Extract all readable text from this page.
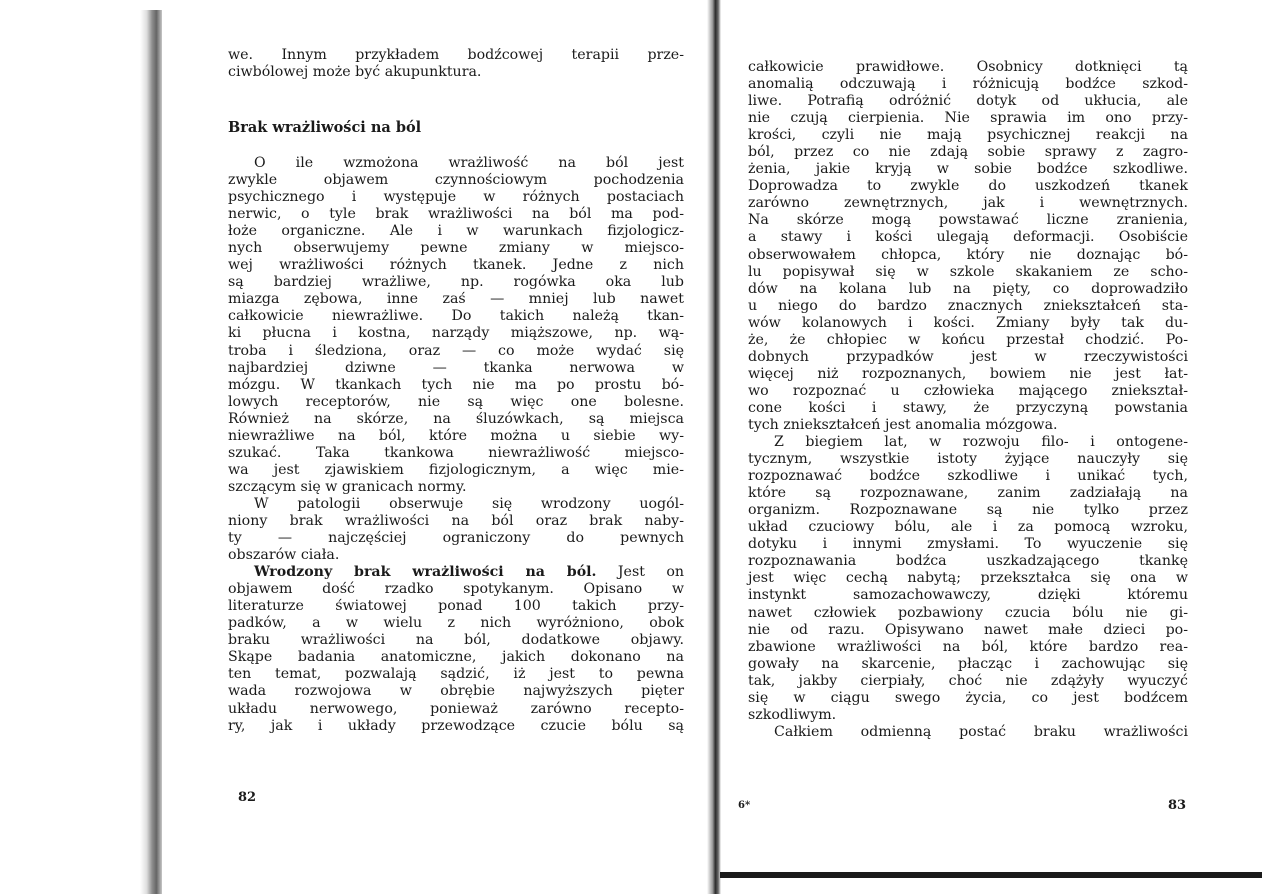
we. Innym przykładem bodźcowej terapii prze-
ciwbólowej może być akupunktura.
Brak wrażliwości na ból
O ile wzmożona wrażliwość na ból jest
zwykle objawem czynnościowym pochodzenia
psychicznego i występuje w różnych postaciach
nerwic, o tyle brak wrażliwości na ból ma pod-
łoże organiczne. Ale i w warunkach fizjologicz-
nych obserwujemy pewne zmiany w miejsco-
wej wrażliwości różnych tkanek. Jedne z nich
są bardziej wrażliwe, np. rogówka oka lub
miazga zębowa, inne zaś — mniej lub nawet
całkowicie niewrażliwe. Do takich należą tkan-
ki płucna i kostna, narządy miąższowe, np. wą-
troba i śledziona, oraz — co może wydać się
najbardziej dziwne — tkanka nerwowa w
mózgu. W tkankach tych nie ma po prostu bó-
lowych receptorów, nie są więc one bolesne.
Również na skórze, na śluzówkach, są miejsca
niewrażliwe na ból, które można u siebie wy-
szukać. Taka tkankowa niewrażliwość miejsco-
wa jest zjawiskiem fizjologicznym, a więc mie-
szczącym się w granicach normy.
W patologii obserwuje się wrodzony uogól-
niony brak wrażliwości na ból oraz brak naby-
ty — najczęściej ograniczony do pewnych
obszarów ciała.
Wrodzony brak wrażliwości na ból. Jest on
objawem dość rzadko spotykanym. Opisano w
literaturze światowej ponad 100 takich przy-
padków, a w wielu z nich wyróżniono, obok
braku wrażliwości na ból, dodatkowe objawy.
Skąpe badania anatomiczne, jakich dokonano na
ten temat, pozwalają sądzić, iż jest to pewna
wada rozwojowa w obrębie najwyższych pięter
układu nerwowego, ponieważ zarówno recepto-
ry, jak i układy przewodzące czucie bólu są
82
całkowicie prawidłowe. Osobnicy dotknięci tą
anomalią odczuwają i różnicują bodźce szkod-
liwe. Potrafią odróżnić dotyk od ukłucia, ale
nie czują cierpienia. Nie sprawia im ono przy-
krości, czyli nie mają psychicznej reakcji na
ból, przez co nie zdają sobie sprawy z zagro-
żenia, jakie kryją w sobie bodźce szkodliwe.
Doprowadza to zwykle do uszkodzeń tkanek
zarówno zewnętrznych, jak i wewnętrznych.
Na skórze mogą powstawać liczne zranienia,
a stawy i kości ulegają deformacji. Osobiście
obserwowałem chłopca, który nie doznając bó-
lu popisywał się w szkole skakaniem ze scho-
dów na kolana lub na pięty, co doprowadziło
u niego do bardzo znacznych zniekształceń sta-
wów kolanowych i kości. Zmiany były tak du-
że, że chłopiec w końcu przestał chodzić. Po-
dobnych przypadków jest w rzeczywistości
więcej niż rozpoznanych, bowiem nie jest łat-
wo rozpoznać u człowieka mającego zniekształ-
cone kości i stawy, że przyczyną powstania
tych zniekształceń jest anomalia mózgowa.
Z biegiem lat, w rozwoju filo- i ontogene-
tycznym, wszystkie istoty żyjące nauczyły się
rozpoznawać bodźce szkodliwe i unikać tych,
które są rozpoznawane, zanim zadziałają na
organizm. Rozpoznawane są nie tylko przez
układ czuciowy bólu, ale i za pomocą wzroku,
dotyku i innymi zmysłami. To wyuczenie się
rozpoznawania bodźca uszkadzającego tkankę
jest więc cechą nabytą; przekształca się ona w
instynkt samozachowawczy, dzięki któremu
nawet człowiek pozbawiony czucia bólu nie gi-
nie od razu. Opisywano nawet małe dzieci po-
zbawione wrażliwości na ból, które bardzo rea-
gowały na skarcenie, płacząc i zachowując się
tak, jakby cierpiały, choć nie zdążyły wyuczyć
się w ciągu swego życia, co jest bodźcem
szkodliwym.
Całkiem odmienną postać braku wrażliwości
6*	83
